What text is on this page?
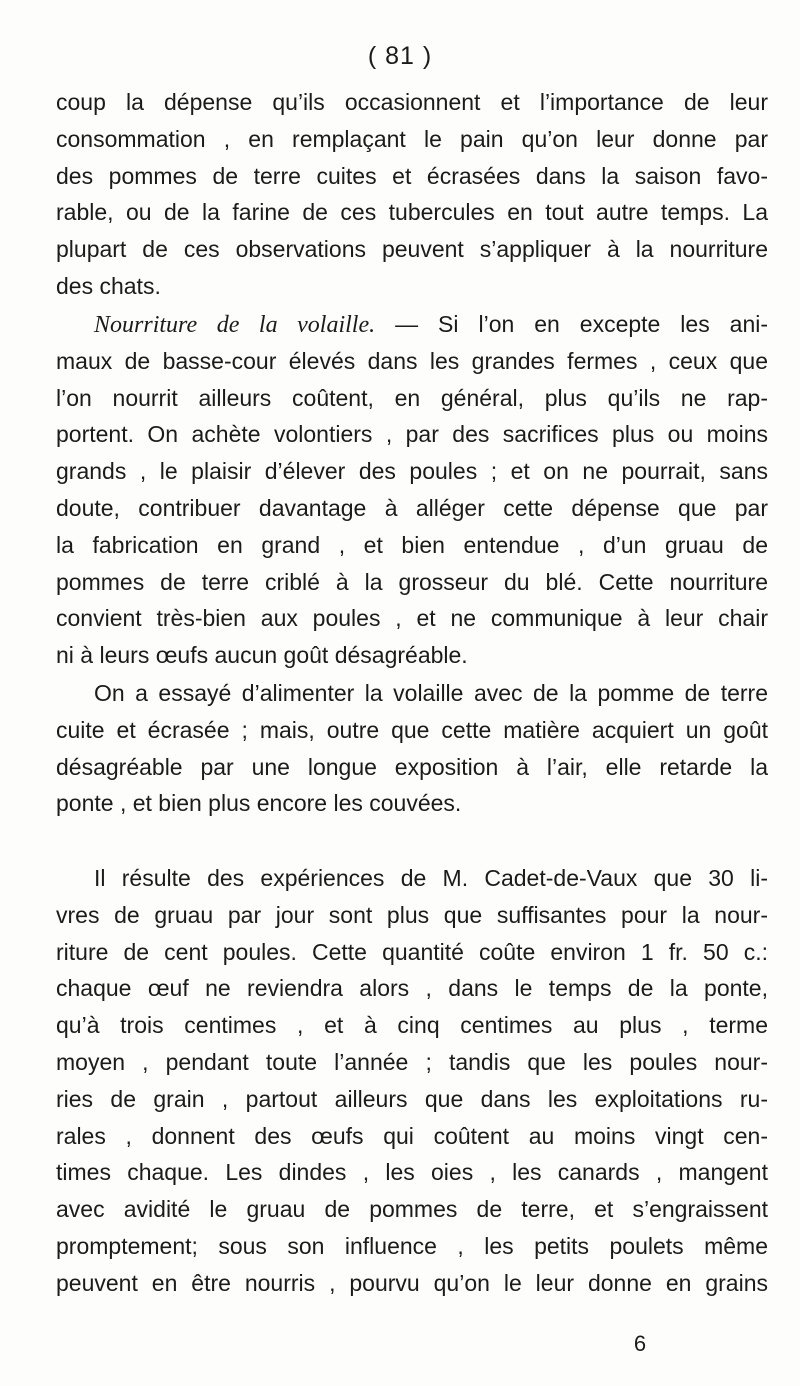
( 81 )
coup la dépense qu’ils occasionnent et l’importance de leur
consommation , en remplaçant le pain qu’on leur donne par
des pommes de terre cuites et écrasées dans la saison favo-
rable, ou de la farine de ces tubercules en tout autre temps. La
plupart de ces observations peuvent s’appliquer à la nourriture
des chats.
Nourriture de la volaille. — Si l’on en excepte les ani-
maux de basse-cour élevés dans les grandes fermes , ceux que
l’on nourrit ailleurs coûtent, en général, plus qu’ils ne rap-
portent. On achète volontiers , par des sacrifices plus ou moins
grands , le plaisir d’élever des poules ; et on ne pourrait, sans
doute, contribuer davantage à alléger cette dépense que par
la fabrication en grand , et bien entendue , d’un gruau de
pommes de terre criblé à la grosseur du blé. Cette nourriture
convient très-bien aux poules , et ne communique à leur chair
ni à leurs œufs aucun goût désagréable.
On a essayé d’alimenter la volaille avec de la pomme de terre
cuite et écrasée ; mais, outre que cette matière acquiert un goût
désagréable par une longue exposition à l’air, elle retarde la
ponte , et bien plus encore les couvées.
Il résulte des expériences de M. Cadet-de-Vaux que 30 li-
vres de gruau par jour sont plus que suffisantes pour la nour-
riture de cent poules. Cette quantité coûte environ 1 fr. 50 c.:
chaque œuf ne reviendra alors , dans le temps de la ponte,
qu’à trois centimes , et à cinq centimes au plus , terme
moyen , pendant toute l’année ; tandis que les poules nour-
ries de grain , partout ailleurs que dans les exploitations ru-
rales , donnent des œufs qui coûtent au moins vingt cen-
times chaque. Les dindes , les oies , les canards , mangent
avec avidité le gruau de pommes de terre, et s’engraissent
promptement; sous son influence , les petits poulets même
peuvent en être nourris , pourvu qu’on le leur donne en grains
6
